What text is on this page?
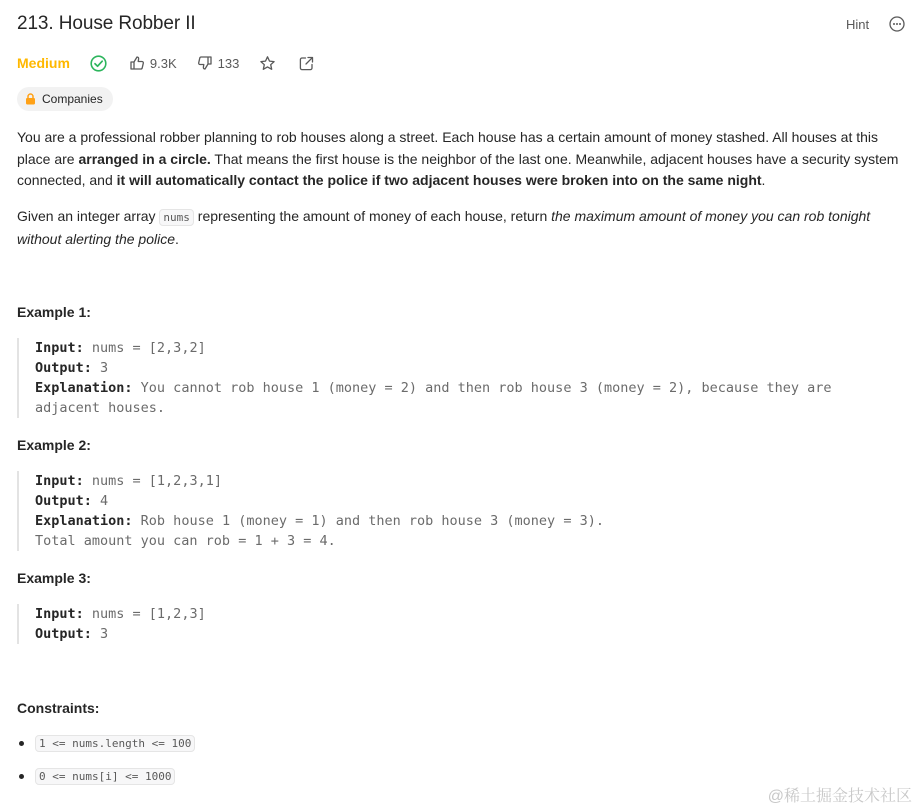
213. House Robber II	Hint
Medium	9.3K	133
Companies
You are a professional robber planning to rob houses along a street. Each house has a certain amount of money stashed. All houses at this place are arranged in a circle. That means the first house is the neighbor of the last one. Meanwhile, adjacent houses have a security system connected, and it will automatically contact the police if two adjacent houses were broken into on the same night.
Given an integer array nums representing the amount of money of each house, return the maximum amount of money you can rob tonight without alerting the police.
Example 1:
Input: nums = [2,3,2]
Output: 3
Explanation: You cannot rob house 1 (money = 2) and then rob house 3 (money = 2), because they are
adjacent houses.
Example 2:
Input: nums = [1,2,3,1]
Output: 4
Explanation: Rob house 1 (money = 1) and then rob house 3 (money = 3).
Total amount you can rob = 1 + 3 = 4.
Example 3:
Input: nums = [1,2,3]
Output: 3
Constraints:
1 <= nums.length <= 100
0 <= nums[i] <= 1000
@稀土掘金技术社区
